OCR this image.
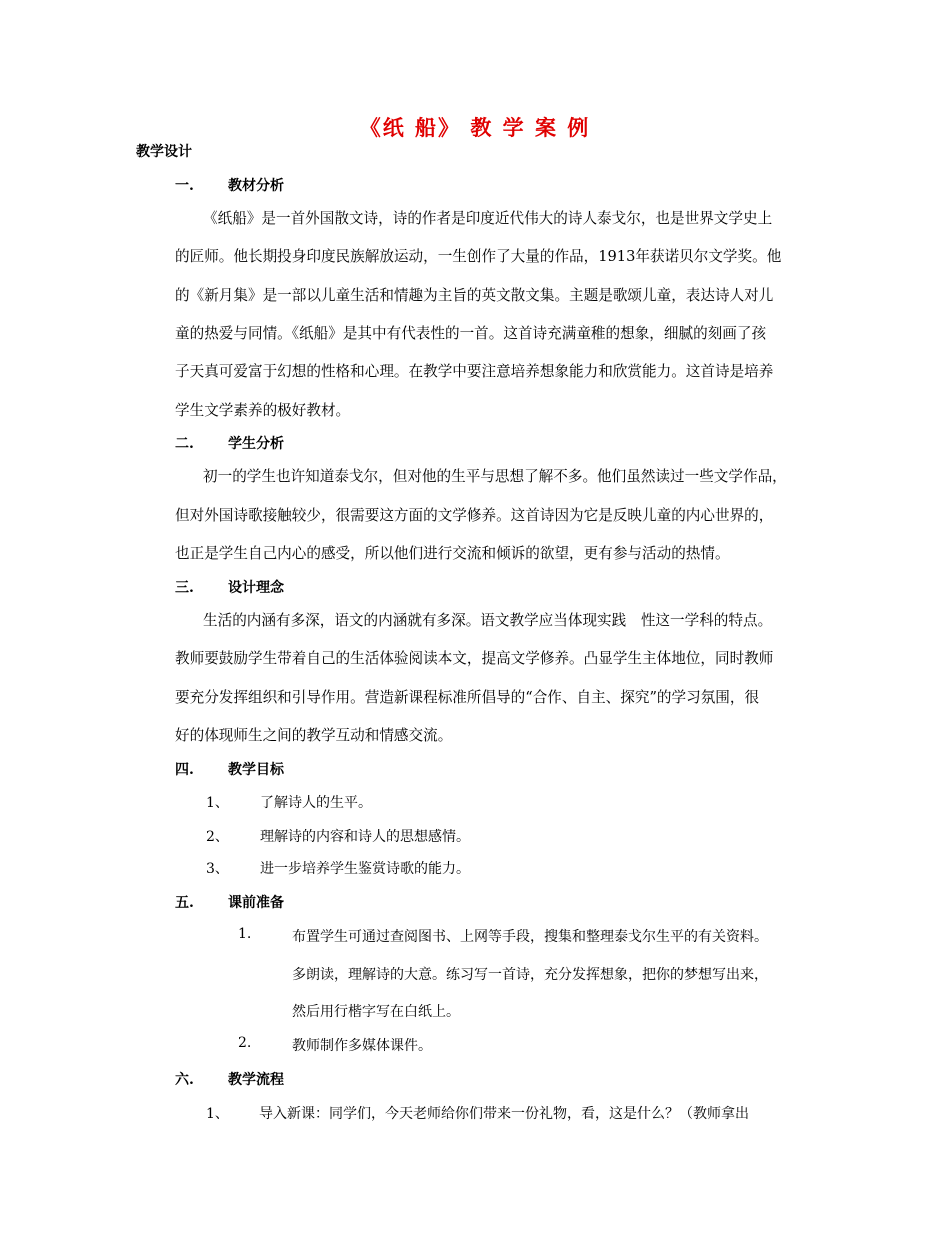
《纸 船》 教 学 案 例
教学设计
一. 教材分析
《纸船》是一首外国散文诗，诗的作者是印度近代伟大的诗人泰戈尔，也是世界文学史上
的匠师。他长期投身印度民族解放运动，一生创作了大量的作品，1913年获诺贝尔文学奖。他
的《新月集》是一部以儿童生活和情趣为主旨的英文散文集。主题是歌颂儿童，表达诗人对儿
童的热爱与同情。《纸船》是其中有代表性的一首。这首诗充满童稚的想象，细腻的刻画了孩
子天真可爱富于幻想的性格和心理。在教学中要注意培养想象能力和欣赏能力。这首诗是培养
学生文学素养的极好教材。
二. 学生分析
初一的学生也许知道泰戈尔，但对他的生平与思想了解不多。他们虽然读过一些文学作品，
但对外国诗歌接触较少，很需要这方面的文学修养。这首诗因为它是反映儿童的内心世界的，
也正是学生自己内心的感受，所以他们进行交流和倾诉的欲望，更有参与活动的热情。
三. 设计理念
生活的内涵有多深，语文的内涵就有多深。语文教学应当体现实践　性这一学科的特点。
教师要鼓励学生带着自己的生活体验阅读本文，提高文学修养。凸显学生主体地位，同时教师
要充分发挥组织和引导作用。营造新课程标准所倡导的“合作、自主、探究”的学习氛围，很
好的体现师生之间的教学互动和情感交流。
四. 教学目标
1、 了解诗人的生平。
2、 理解诗的内容和诗人的思想感情。
3、 进一步培养学生鉴赏诗歌的能力。
五. 课前准备
1.	布置学生可通过查阅图书、上网等手段，搜集和整理泰戈尔生平的有关资料。
多朗读，理解诗的大意。练习写一首诗，充分发挥想象，把你的梦想写出来，
然后用行楷字写在白纸上。
2.	教师制作多媒体课件。
六. 教学流程
1、 导入新课：同学们，今天老师给你们带来一份礼物，看，这是什么？（教师拿出
